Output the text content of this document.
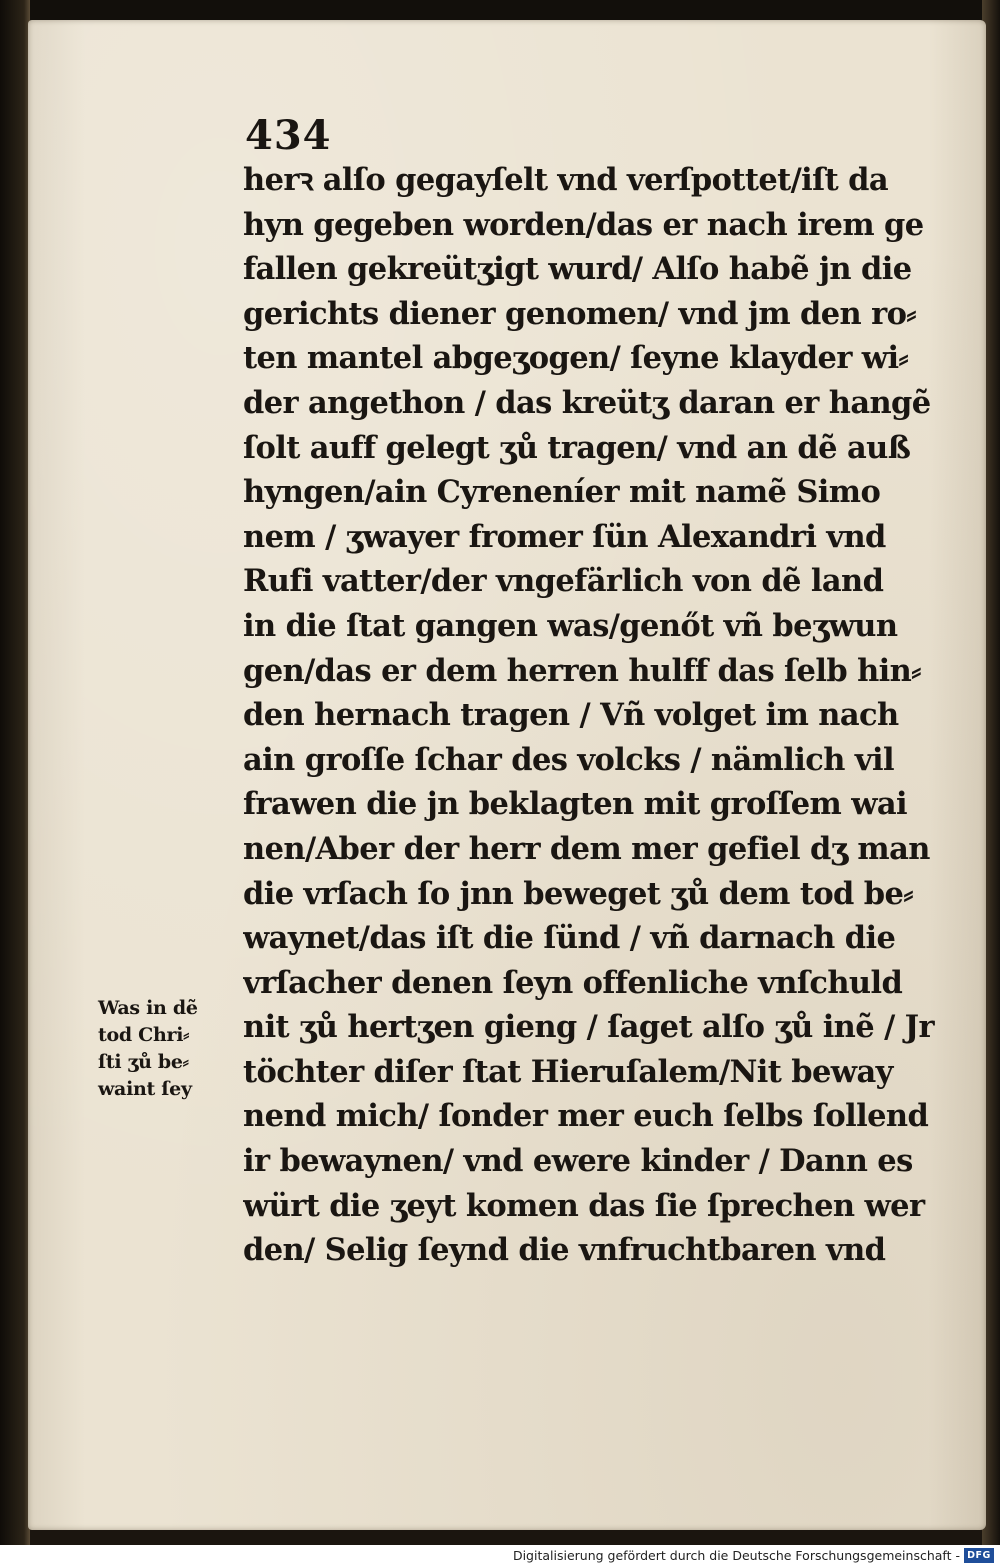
434
herꝛ alſo gegayſelt vnd verſpottet/iſt da
hyn gegeben worden/das er nach irem ge
fallen gekreütʒigt wurd/ Alſo habẽ jn die
gerichts diener genomen/ vnd jm den ro⸗
ten mantel abgeʒogen/ ſeyne klayder wi⸗
der angethon / das kreütʒ daran er hangẽ
ſolt auff gelegt ʒů tragen/ vnd an dẽ auß
hyngen/ain Cyreneníer mit namẽ Simo
nem / ʒwayer fromer ſün Alexandri vnd
Rufi vatter/der vngefärlich von dẽ land
in die ſtat gangen was/genőt vñ beʒwun
gen/das er dem herren hulff das ſelb hin⸗
den hernach tragen / Vñ volget im nach
ain groſſe ſchar des volcks / nämlich vil
frawen die jn beklagten mit groſſem wai
nen/Aber der herr dem mer gefiel dʒ man
die vrſach ſo jnn beweget ʒů dem tod be⸗
waynet/das iſt die ſünd / vñ darnach die
vrſacher denen ſeyn offenliche vnſchuld
nit ʒů hertʒen gieng / ſaget alſo ʒů inẽ / Jr
töchter diſer ſtat Hieruſalem/Nit beway
nend mich/ ſonder mer euch ſelbs ſollend
ir bewaynen/ vnd ewere kinder / Dann es
würt die ʒeyt komen das ſie ſprechen wer
den/ Selig ſeynd die vnfruchtbaren vnd
Was in dẽ
tod Chri⸗
ſti ʒů be⸗
waint ſey
Digitalisierung gefördert durch die Deutsche Forschungsgemeinschaft - DFG
